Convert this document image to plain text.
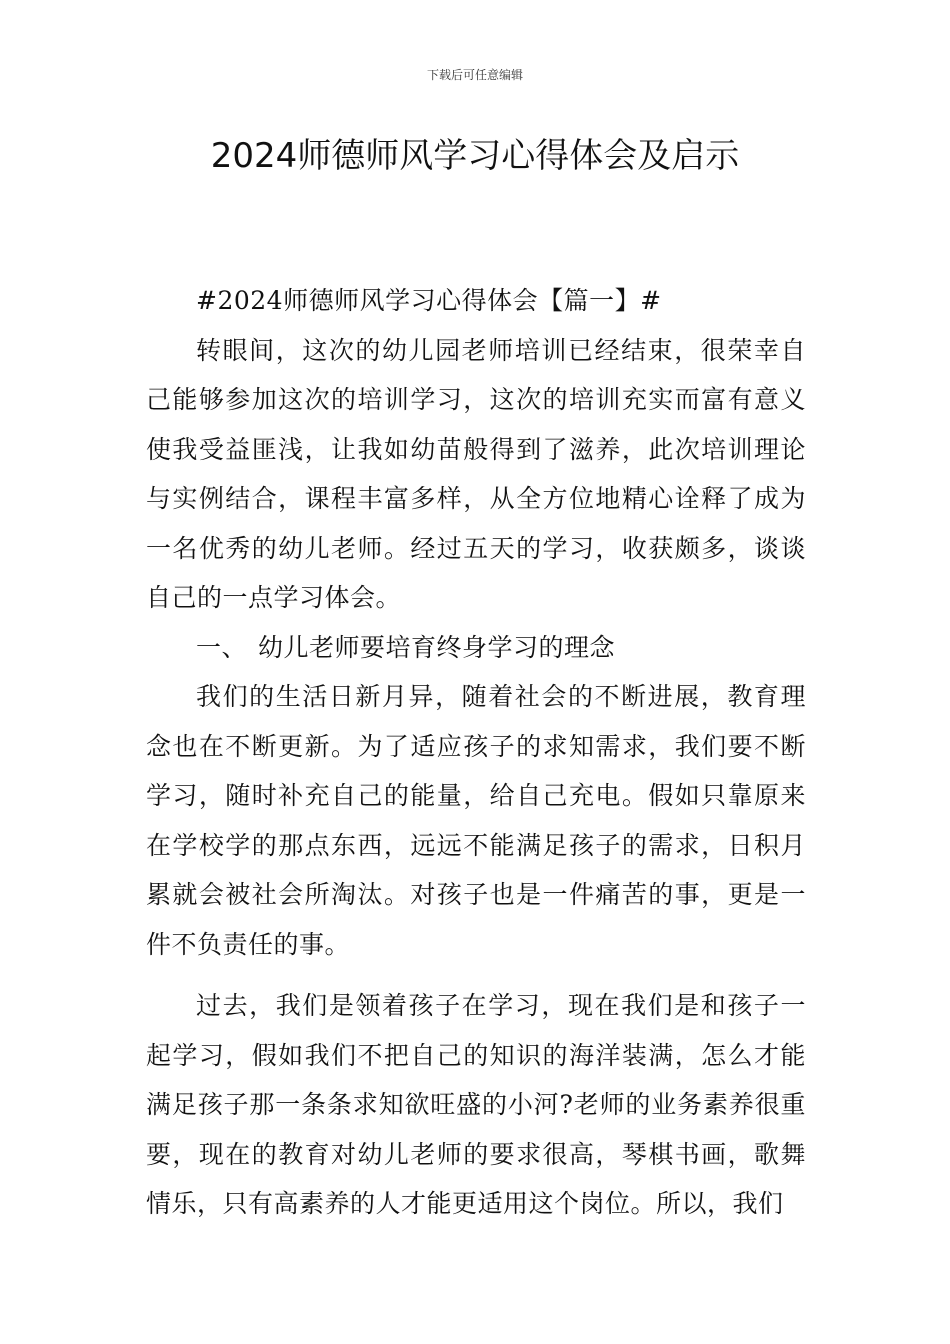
下载后可任意编辑
2024师德师风学习心得体会及启示

#2024师德师风学习心得体会【篇一】#

转眼间，这次的幼儿园老师培训已经结束，很荣幸自己能够参加这次的培训学习，这次的培训充实而富有意义使我受益匪浅，让我如幼苗般得到了滋养，此次培训理论与实例结合，课程丰富多样，从全方位地精心诠释了成为一名优秀的幼儿老师。经过五天的学习，收获颇多，谈谈自己的一点学习体会。

一、 幼儿老师要培育终身学习的理念

我们的生活日新月异，随着社会的不断进展，教育理念也在不断更新。为了适应孩子的求知需求，我们要不断学习，随时补充自己的能量，给自己充电。假如只靠原来在学校学的那点东西，远远不能满足孩子的需求，日积月累就会被社会所淘汰。对孩子也是一件痛苦的事，更是一件不负责任的事。

过去，我们是领着孩子在学习，现在我们是和孩子一起学习，假如我们不把自己的知识的海洋装满，怎么才能满足孩子那一条条求知欲旺盛的小河?老师的业务素养很重要，现在的教育对幼儿老师的要求很高，琴棋书画，歌舞情乐，只有高素养的人才能更适用这个岗位。所以，我们
